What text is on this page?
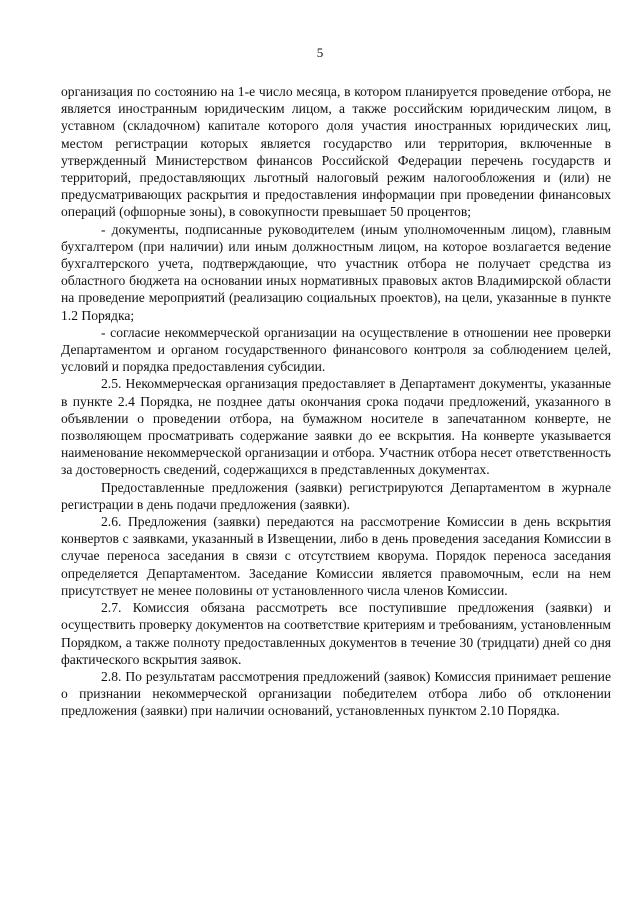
5

организация по состоянию на 1-е число месяца, в котором планируется проведение отбора, не является иностранным юридическим лицом, а также российским юридическим лицом, в уставном (складочном) капитале которого доля участия иностранных юридических лиц, местом регистрации которых является государство или территория, включенные в утвержденный Министерством финансов Российской Федерации перечень государств и территорий, предоставляющих льготный налоговый режим налогообложения и (или) не предусматривающих раскрытия и предоставления информации при проведении финансовых операций (офшорные зоны), в совокупности превышает 50 процентов;

- документы, подписанные руководителем (иным уполномоченным лицом), главным бухгалтером (при наличии) или иным должностным лицом, на которое возлагается ведение бухгалтерского учета, подтверждающие, что участник отбора не получает средства из областного бюджета на основании иных нормативных правовых актов Владимирской области на проведение мероприятий (реализацию социальных проектов), на цели, указанные в пункте 1.2 Порядка;

- согласие некоммерческой организации на осуществление в отношении нее проверки Департаментом и органом государственного финансового контроля за соблюдением целей, условий и порядка предоставления субсидии.

2.5. Некоммерческая организация предоставляет в Департамент документы, указанные в пункте 2.4 Порядка, не позднее даты окончания срока подачи предложений, указанного в объявлении о проведении отбора, на бумажном носителе в запечатанном конверте, не позволяющем просматривать содержание заявки до ее вскрытия. На конверте указывается наименование некоммерческой организации и отбора. Участник отбора несет ответственность за достоверность сведений, содержащихся в представленных документах.

Предоставленные предложения (заявки) регистрируются Департаментом в журнале регистрации в день подачи предложения (заявки).

2.6. Предложения (заявки) передаются на рассмотрение Комиссии в день вскрытия конвертов с заявками, указанный в Извещении, либо в день проведения заседания Комиссии в случае переноса заседания в связи с отсутствием кворума. Порядок переноса заседания определяется Департаментом. Заседание Комиссии является правомочным, если на нем присутствует не менее половины от установленного числа членов Комиссии.

2.7. Комиссия обязана рассмотреть все поступившие предложения (заявки) и осуществить проверку документов на соответствие критериям и требованиям, установленным Порядком, а также полноту предоставленных документов в течение 30 (тридцати) дней со дня фактического вскрытия заявок.

2.8. По результатам рассмотрения предложений (заявок) Комиссия принимает решение о признании некоммерческой организации победителем отбора либо об отклонении предложения (заявки) при наличии оснований, установленных пунктом 2.10 Порядка.
